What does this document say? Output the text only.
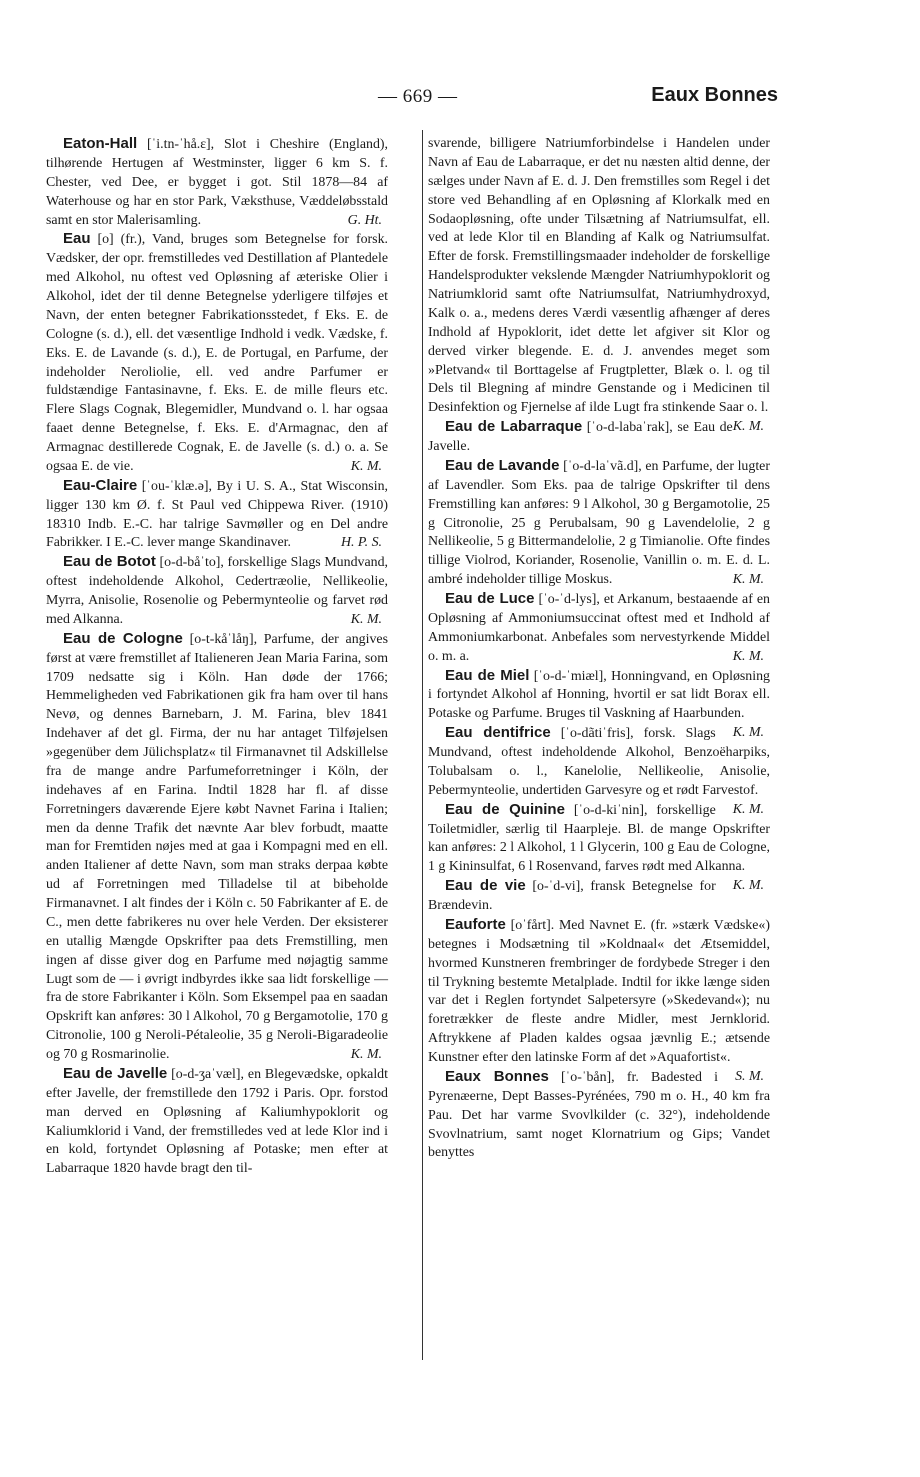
— 669 —	Eaux Bonnes

Eaton-Hall [ˈi.tn-ˈhå.ɛ], Slot i Cheshire (England), tilhørende Hertugen af Westminster, ligger 6 km S. f. Chester, ved Dee, er bygget i got. Stil 1878—84 af Waterhouse og har en stor Park, Væksthuse, Væddeløbsstald samt en stor Malerisamling.	G. Ht.

Eau [o] (fr.), Vand, bruges som Betegnelse for forsk. Vædsker, der opr. fremstilledes ved Destillation af Plantedele med Alkohol, nu oftest ved Opløsning af æteriske Olier i Alkohol, idet der til denne Betegnelse yderligere tilføjes et Navn, der enten betegner Fabrikationsstedet, f Eks. E. de Cologne (s. d.), ell. det væsentlige Indhold i vedk. Vædske, f. Eks. E. de Lavande (s. d.), E. de Portugal, en Parfume, der indeholder Neroliolie, ell. ved andre Parfumer er fuldstændige Fantasinavne, f. Eks. E. de mille fleurs etc. Flere Slags Cognak, Blegemidler, Mundvand o. l. har ogsaa faaet denne Betegnelse, f. Eks. E. d'Armagnac, den af Armagnac destillerede Cognak, E. de Javelle (s. d.) o. a. Se ogsaa E. de vie.	K. M.

Eau-Claire [ˈou-ˈklæ.ə], By i U. S. A., Stat Wisconsin, ligger 130 km Ø. f. St Paul ved Chippewa River. (1910) 18310 Indb. E.-C. har talrige Savmøller og en Del andre Fabrikker. I E.-C. lever mange Skandinaver.	H. P. S.

Eau de Botot [o-d-båˈto], forskellige Slags Mundvand, oftest indeholdende Alkohol, Cedertræolie, Nellikeolie, Myrra, Anisolie, Rosenolie og Pebermynteolie og farvet rød med Alkanna.	K. M.

Eau de Cologne [o-t-kåˈlåŋ], Parfume, der angives først at være fremstillet af Italieneren Jean Maria Farina, som 1709 nedsatte sig i Köln. Han døde der 1766; Hemmeligheden ved Fabrikationen gik fra ham over til hans Nevø, og dennes Barnebarn, J. M. Farina, blev 1841 Indehaver af det gl. Firma, der nu har antaget Tilføjelsen »gegenüber dem Jülichsplatz« til Firmanavnet til Adskillelse fra de mange andre Parfumeforretninger i Köln, der indehaves af en Farina. Indtil 1828 har fl. af disse Forretningers daværende Ejere købt Navnet Farina i Italien; men da denne Trafik det nævnte Aar blev forbudt, maatte man for Fremtiden nøjes med at gaa i Kompagni med en ell. anden Italiener af dette Navn, som man straks derpaa købte ud af Forretningen med Tilladelse til at bibeholde Firmanavnet. I alt findes der i Köln c. 50 Fabrikanter af E. de C., men dette fabrikeres nu over hele Verden. Der eksisterer en utallig Mængde Opskrifter paa dets Fremstilling, men ingen af disse giver dog en Parfume med nøjagtig samme Lugt som de — i øvrigt indbyrdes ikke saa lidt forskellige — fra de store Fabrikanter i Köln. Som Eksempel paa en saadan Opskrift kan anføres: 30 l Alkohol, 70 g Bergamotolie, 170 g Citronolie, 100 g Neroli-Pétaleolie, 35 g Neroli-Bigaradeolie og 70 g Rosmarinolie.	K. M.

Eau de Javelle [o-d-ʒaˈvæl], en Blegevædske, opkaldt efter Javelle, der fremstillede den 1792 i Paris. Opr. forstod man derved en Opløsning af Kaliumhypoklorit og Kaliumklorid i Vand, der fremstilledes ved at lede Klor ind i en kold, fortyndet Opløsning af Potaske; men efter at Labarraque 1820 havde bragt den til-

svarende, billigere Natriumforbindelse i Handelen under Navn af Eau de Labarraque, er det nu næsten altid denne, der sælges under Navn af E. d. J. Den fremstilles som Regel i det store ved Behandling af en Opløsning af Klorkalk med en Sodaopløsning, ofte under Tilsætning af Natriumsulfat, ell. ved at lede Klor til en Blanding af Kalk og Natriumsulfat. Efter de forsk. Fremstillingsmaader indeholder de forskellige Handelsprodukter vekslende Mængder Natriumhypoklorit og Natriumklorid samt ofte Natriumsulfat, Natriumhydroxyd, Kalk o. a., medens deres Værdi væsentlig afhænger af deres Indhold af Hypoklorit, idet dette let afgiver sit Klor og derved virker blegende. E. d. J. anvendes meget som »Pletvand« til Borttagelse af Frugtpletter, Blæk o. l. og til Dels til Blegning af mindre Genstande og i Medicinen til Desinfektion og Fjernelse af ilde Lugt fra stinkende Saar o. l.
K. M.

Eau de Labarraque [ˈo-d-labaˈrak], se Eau de Javelle.

Eau de Lavande [ˈo-d-laˈvã.d], en Parfume, der lugter af Lavendler. Som Eks. paa de talrige Opskrifter til dens Fremstilling kan anføres: 9 l Alkohol, 30 g Bergamotolie, 25 g Citronolie, 25 g Perubalsam, 90 g Lavendelolie, 2 g Nellikeolie, 5 g Bittermandelolie, 2 g Timianolie. Ofte findes tillige Violrod, Koriander, Rosenolie, Vanillin o. m. E. d. L. ambré indeholder tillige Moskus.	K. M.

Eau de Luce [ˈo-ˈd-lys], et Arkanum, bestaaende af en Opløsning af Ammoniumsuccinat oftest med et Indhold af Ammoniumkarbonat. Anbefales som nervestyrkende Middel o. m. a.	K. M.

Eau de Miel [ˈo-d-ˈmiæl], Honningvand, en Opløsning i fortyndet Alkohol af Honning, hvortil er sat lidt Borax ell. Potaske og Parfume. Bruges til Vaskning af Haarbunden.
K. M.

Eau dentifrice [ˈo-dãtiˈfris], forsk. Slags Mundvand, oftest indeholdende Alkohol, Benzoëharpiks, Tolubalsam o. l., Kanelolie, Nellikeolie, Anisolie, Pebermynteolie, undertiden Garvesyre og et rødt Farvestof.
K. M.

Eau de Quinine [ˈo-d-kiˈnin], forskellige Toiletmidler, særlig til Haarpleje. Bl. de mange Opskrifter kan anføres: 2 l Alkohol, 1 l Glycerin, 100 g Eau de Cologne, 1 g Kininsulfat, 6 l Rosenvand, farves rødt med Alkanna.
K. M.

Eau de vie [o-ˈd-vi], fransk Betegnelse for Brændevin.

Eauforte [oˈfårt]. Med Navnet E. (fr. »stærk Vædske«) betegnes i Modsætning til »Koldnaal« det Ætsemiddel, hvormed Kunstneren frembringer de fordybede Streger i den til Trykning bestemte Metalplade. Indtil for ikke længe siden var det i Reglen fortyndet Salpetersyre (»Skedevand«); nu foretrækker de fleste andre Midler, mest Jernklorid. Aftrykkene af Pladen kaldes ogsaa jævnlig E.; ætsende Kunstner efter den latinske Form af det »Aquafortist«.
S. M.

Eaux Bonnes [ˈo-ˈbån], fr. Badested i Pyrenæerne, Dept Basses-Pyrénées, 790 m o. H., 40 km fra Pau. Det har varme Svovlkilder (c. 32°), indeholdende Svovlnatrium, samt noget Klornatrium og Gips; Vandet benyttes
